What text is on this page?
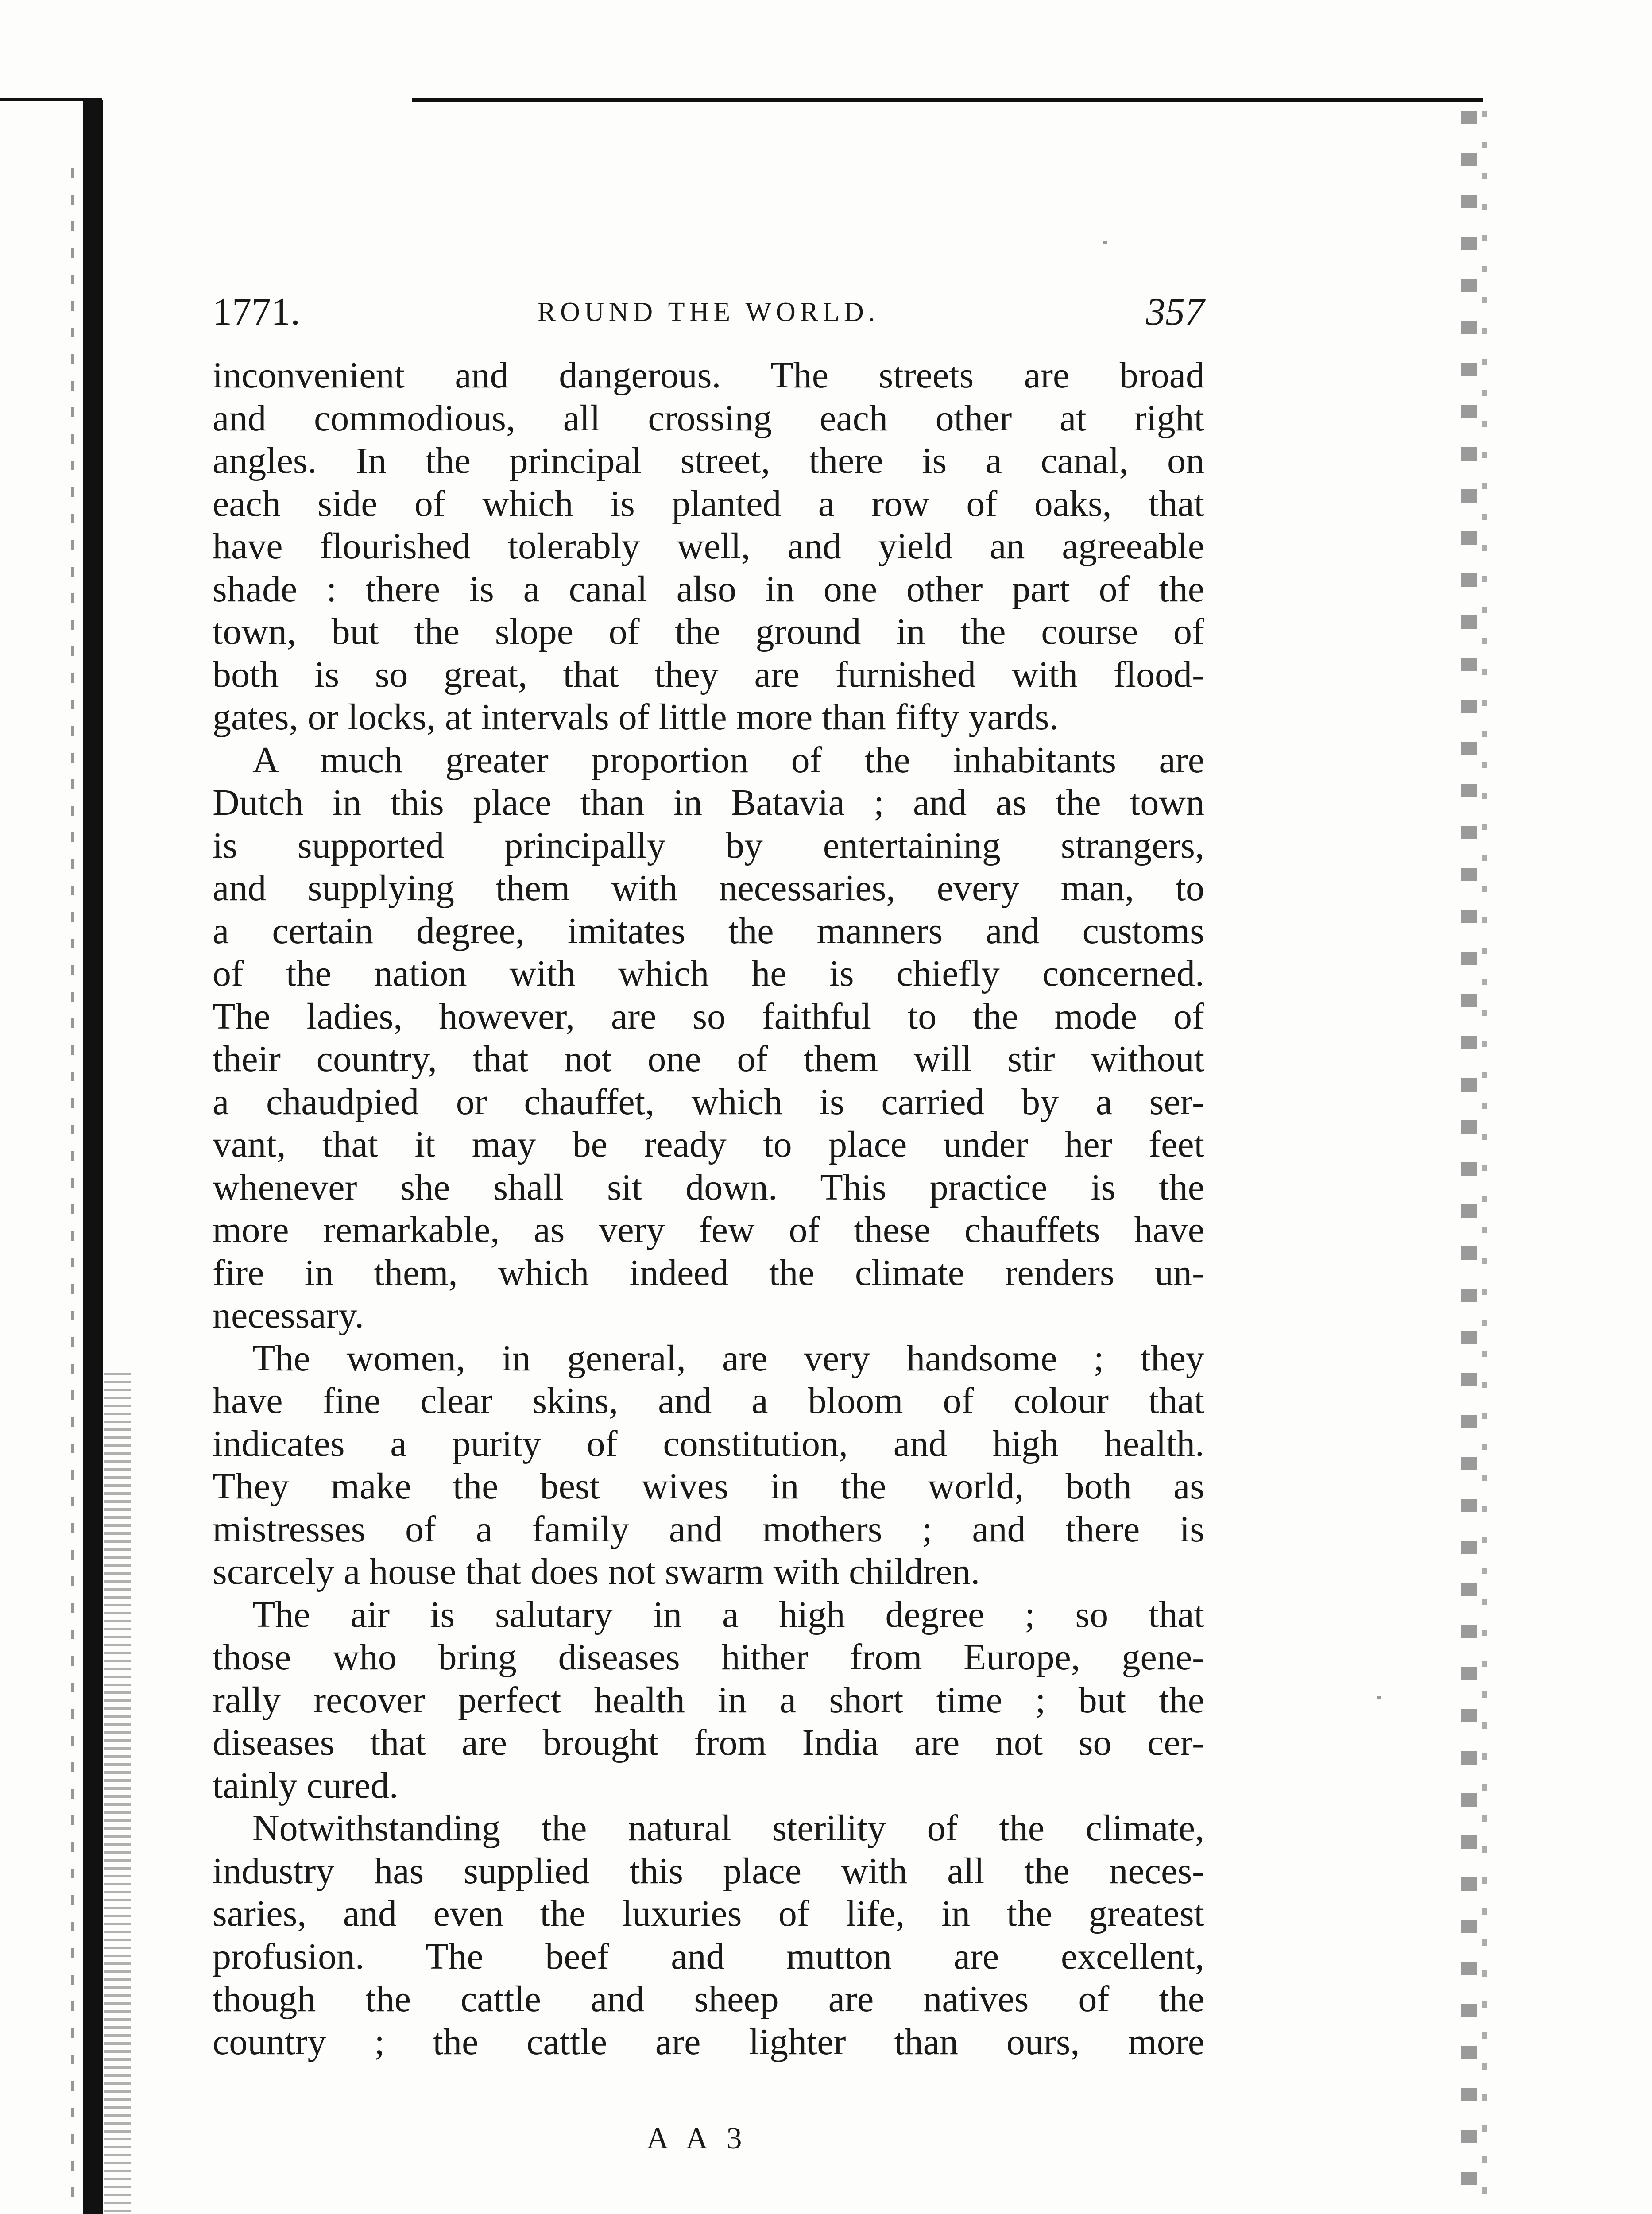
1771.	ROUND THE WORLD.	357
inconvenient and dangerous. The streets are broad
and commodious, all crossing each other at right
angles. In the principal street, there is a canal, on
each side of which is planted a row of oaks, that
have flourished tolerably well, and yield an agreeable
shade : there is a canal also in one other part of the
town, but the slope of the ground in the course of
both is so great, that they are furnished with flood-
gates, or locks, at intervals of little more than fifty yards.
A much greater proportion of the inhabitants are
Dutch in this place than in Batavia ; and as the town
is supported principally by entertaining strangers,
and supplying them with necessaries, every man, to
a certain degree, imitates the manners and customs
of the nation with which he is chiefly concerned.
The ladies, however, are so faithful to the mode of
their country, that not one of them will stir without
a chaudpied or chauffet, which is carried by a ser-
vant, that it may be ready to place under her feet
whenever she shall sit down. This practice is the
more remarkable, as very few of these chauffets have
fire in them, which indeed the climate renders un-
necessary.
The women, in general, are very handsome ; they
have fine clear skins, and a bloom of colour that
indicates a purity of constitution, and high health.
They make the best wives in the world, both as
mistresses of a family and mothers ; and there is
scarcely a house that does not swarm with children.
The air is salutary in a high degree ; so that
those who bring diseases hither from Europe, gene-
rally recover perfect health in a short time ; but the
diseases that are brought from India are not so cer-
tainly cured.
Notwithstanding the natural sterility of the climate,
industry has supplied this place with all the neces-
saries, and even the luxuries of life, in the greatest
profusion. The beef and mutton are excellent,
though the cattle and sheep are natives of the
country ; the cattle are lighter than ours, more
A A 3
